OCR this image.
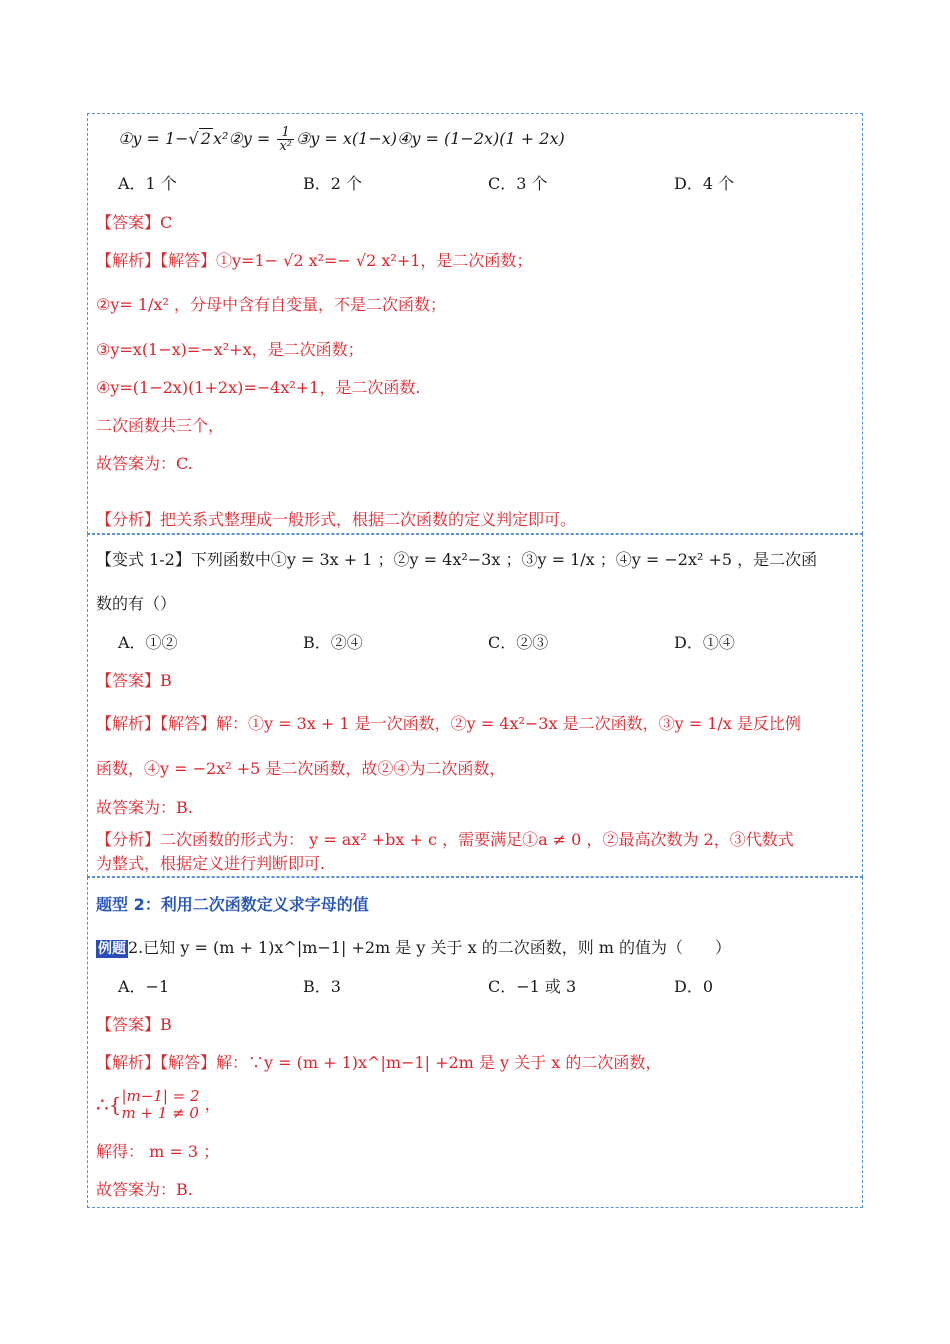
①y = 1−√ 2 x²②y = $\frac{1}{\text{x²}}$ ③y = x(1−x)④y = (1−2x)(1 + 2x)
A．1 个	B．2 个	C．3 个	D．4 个
【答案】C
【解析】【解答】①y=1− √2 x²=− √2 x²+1，是二次函数；
②y= 1/x² ，分母中含有自变量，不是二次函数；
③y=x(1−x)=−x²+x，是二次函数；
④y=(1−2x)(1+2x)=−4x²+1，是二次函数.
二次函数共三个，
故答案为：C.
【分析】把关系式整理成一般形式，根据二次函数的定义判定即可。
【变式 1-2】下列函数中①y = 3x + 1 ；②y = 4x²−3x ；③y = 1/x ；④y = −2x² +5 ，是二次函
数的有（）
A．①②	B．②④	C．②③	D．①④
【答案】B
【解析】【解答】解：①y = 3x + 1 是一次函数，②y = 4x²−3x 是二次函数，③y = 1/x 是反比例
函数，④y = −2x² +5 是二次函数，故②④为二次函数，
故答案为：B.
【分析】二次函数的形式为： y = ax² +bx + c ，需要满足①a ≠ 0 ，②最高次数为 2，③代数式
为整式，根据定义进行判断即可.
题型 2：利用二次函数定义求字母的值
例题 2.已知 y = (m + 1)x^|m−1| +2m 是 y 关于 x 的二次函数，则 m 的值为（　　）
A．−1	B．3	C．−1 或 3	D．0
【答案】B
【解析】【解答】解：∵y = (m + 1)x^|m−1| +2m 是 y 关于 x 的二次函数，
∴{ |m−1| = 2
m + 1 ≠ 0 ，
解得： m = 3 ；
故答案为：B.
